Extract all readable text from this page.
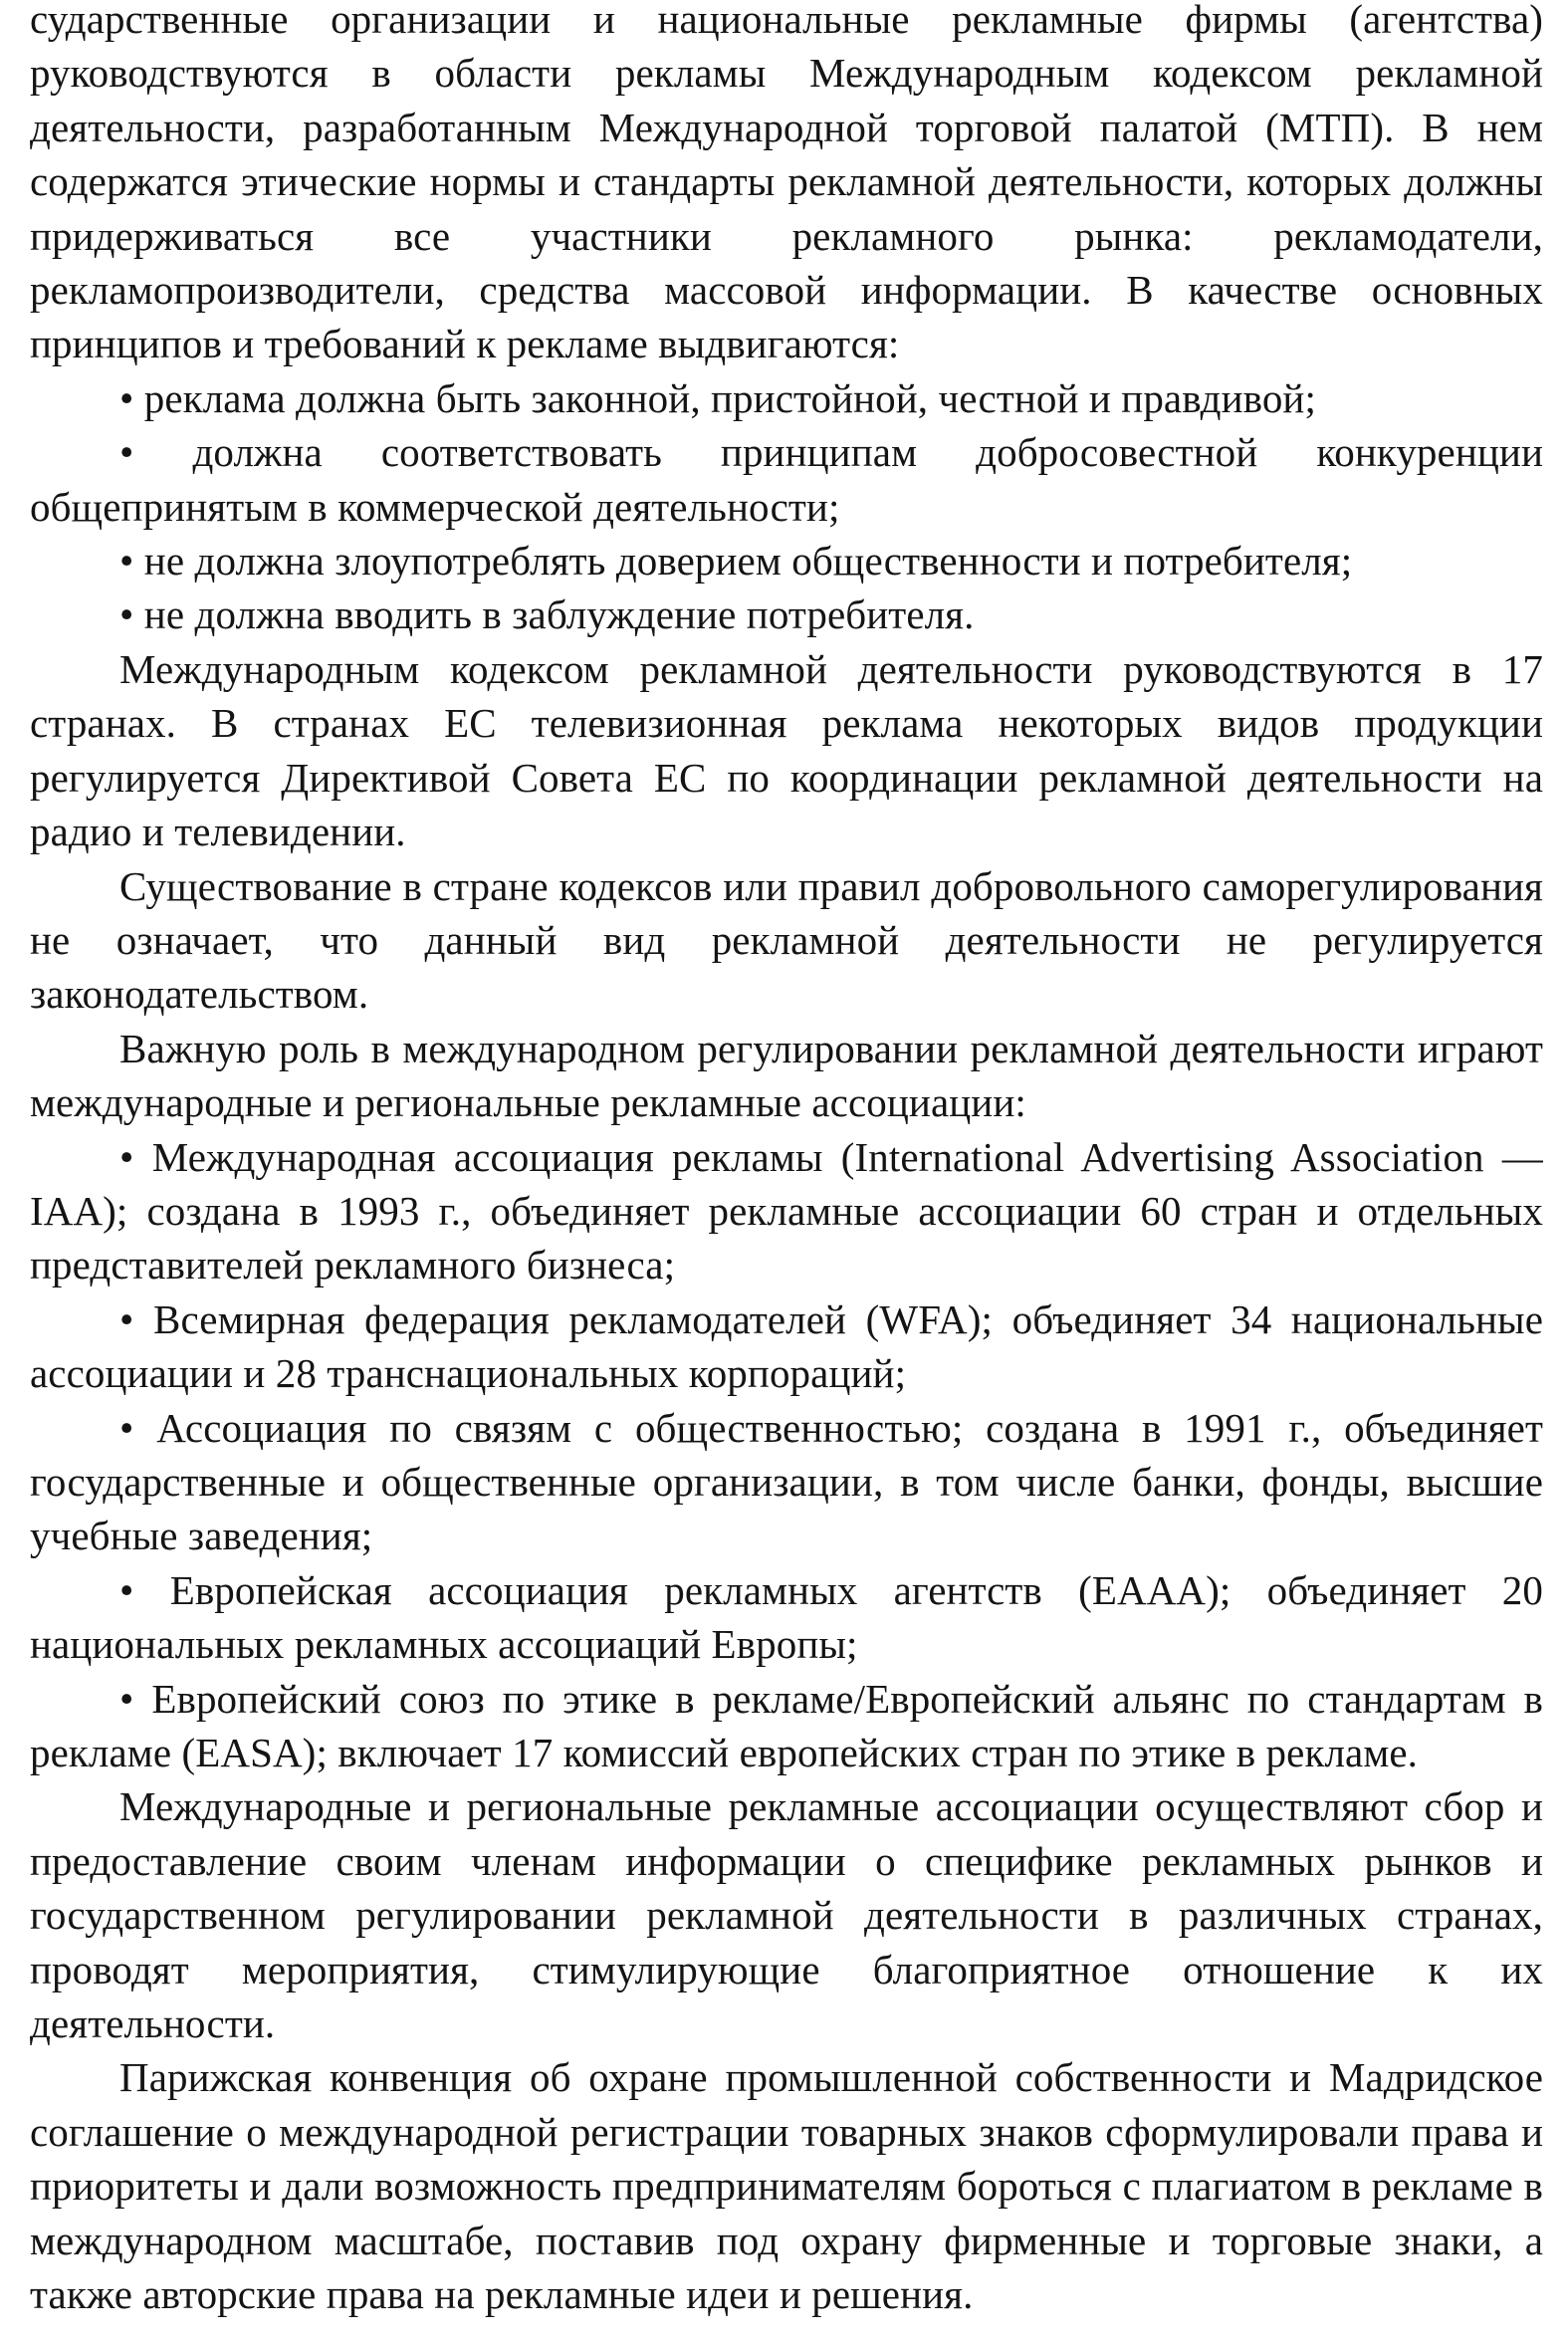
сударственные организации и национальные рекламные фирмы (агентства) руководствуются в области рекламы Международным кодексом рекламной деятельности, разработанным Международной торговой палатой (МТП). В нем содержатся этические нормы и стандарты рекламной деятельности, которых должны придерживаться все участники рекламного рынка: рекламодатели, рекламопроизводители, средства массовой информации. В качестве основных принципов и требований к рекламе выдвигаются:

• реклама должна быть законной, пристойной, честной и правдивой;

• должна соответствовать принципам добросовестной конкуренции общепринятым в коммерческой деятельности;

• не должна злоупотреблять доверием общественности и потребителя;

• не должна вводить в заблуждение потребителя.

Международным кодексом рекламной деятельности руководствуются в 17 странах. В странах ЕС телевизионная реклама некоторых видов продукции регулируется Директивой Совета ЕС по координации рекламной деятельности на радио и телевидении.

Существование в стране кодексов или правил добровольного саморегулирования не означает, что данный вид рекламной деятельности не регулируется законодательством.

Важную роль в международном регулировании рекламной деятельности играют международные и региональные рекламные ассоциации:

• Международная ассоциация рекламы (International Advertising Association — IAA); создана в 1993 г., объединяет рекламные ассоциации 60 стран и отдельных представителей рекламного бизнеса;

• Всемирная федерация рекламодателей (WFA); объединяет 34 национальные ассоциации и 28 транснациональных корпораций;

• Ассоциация по связям с общественностью; создана в 1991 г., объединяет государственные и общественные организации, в том числе банки, фонды, высшие учебные заведения;

• Европейская ассоциация рекламных агентств (ЕААА); объединяет 20 национальных рекламных ассоциаций Европы;

• Европейский союз по этике в рекламе/Европейский альянс по стандартам в рекламе (EASA); включает 17 комиссий европейских стран по этике в рекламе.

Международные и региональные рекламные ассоциации осуществляют сбор и предоставление своим членам информации о специфике рекламных рынков и государственном регулировании рекламной деятельности в различных странах, проводят мероприятия, стимулирующие благоприятное отношение к их деятельности.

Парижская конвенция об охране промышленной собственности и Мадридское соглашение о международной регистрации товарных знаков сформулировали права и приоритеты и дали возможность предпринимателям бороться с плагиатом в рекламе в международном масштабе, поставив под охрану фирменные и торговые знаки, а также авторские права на рекламные идеи и решения.
